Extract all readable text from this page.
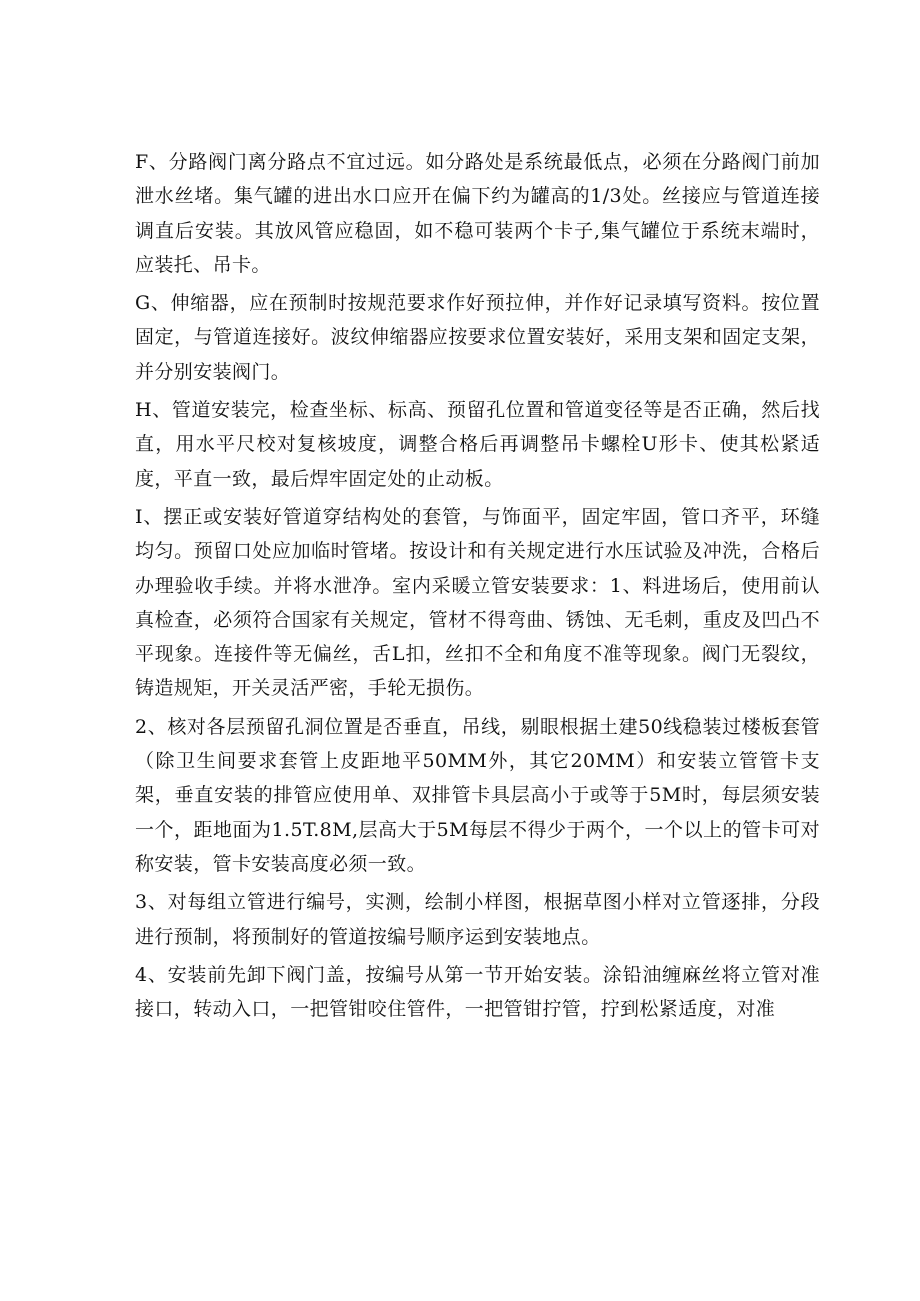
F、分路阀门离分路点不宜过远。如分路处是系统最低点，必须在分路阀门前加泄水丝堵。集气罐的进出水口应开在偏下约为罐高的1/3处。丝接应与管道连接调直后安装。其放风管应稳固，如不稳可装两个卡子,集气罐位于系统末端时，应装托、吊卡。

G、伸缩器，应在预制时按规范要求作好预拉伸，并作好记录填写资料。按位置固定，与管道连接好。波纹伸缩器应按要求位置安装好，采用支架和固定支架，并分别安装阀门。

H、管道安装完，检查坐标、标高、预留孔位置和管道变径等是否正确，然后找直，用水平尺校对复核坡度，调整合格后再调整吊卡螺栓U形卡、使其松紧适度，平直一致，最后焊牢固定处的止动板。

I、摆正或安装好管道穿结构处的套管，与饰面平，固定牢固，管口齐平，环缝均匀。预留口处应加临时管堵。按设计和有关规定进行水压试验及冲洗，合格后办理验收手续。并将水泄净。室内采暖立管安装要求：1、料进场后，使用前认真检查，必须符合国家有关规定，管材不得弯曲、锈蚀、无毛刺，重皮及凹凸不平现象。连接件等无偏丝，舌L扣，丝扣不全和角度不准等现象。阀门无裂纹，铸造规矩，开关灵活严密，手轮无损伤。

2、核对各层预留孔洞位置是否垂直，吊线，剔眼根据土建50线稳装过楼板套管（除卫生间要求套管上皮距地平50MM外，其它20MM）和安装立管管卡支架，垂直安装的排管应使用单、双排管卡具层高小于或等于5M时，每层须安装一个，距地面为1.5T.8M,层高大于5M每层不得少于两个，一个以上的管卡可对称安装，管卡安装高度必须一致。

3、对每组立管进行编号，实测，绘制小样图，根据草图小样对立管逐排，分段进行预制，将预制好的管道按编号顺序运到安装地点。

4、安装前先卸下阀门盖，按编号从第一节开始安装。涂铅油缠麻丝将立管对准接口，转动入口，一把管钳咬住管件，一把管钳拧管，拧到松紧适度，对准
